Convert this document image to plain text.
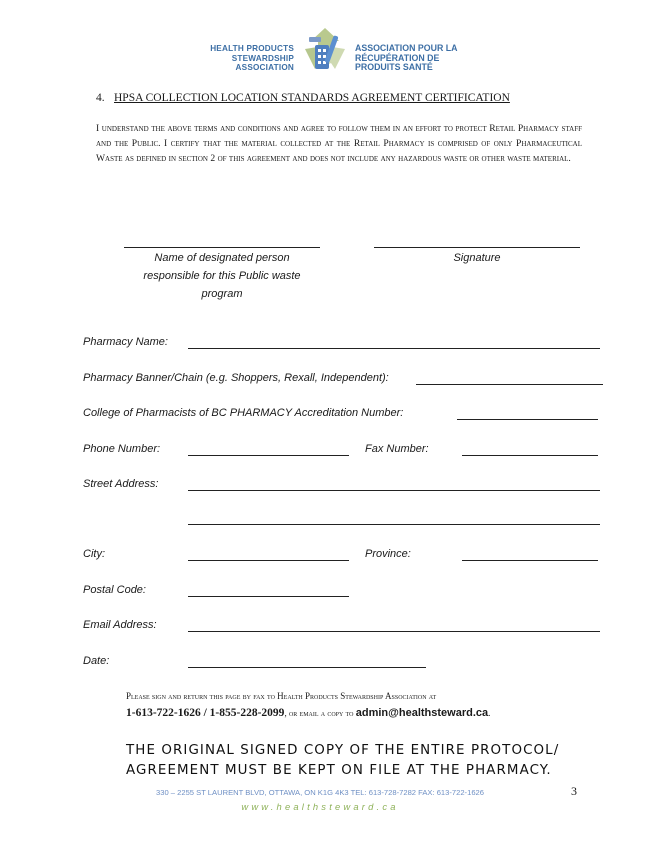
HEALTH PRODUCTS
STEWARDSHIP
ASSOCIATION
ASSOCIATION POUR LA
RÉCUPÉRATION DE
PRODUITS SANTÉ
4. HPSA COLLECTION LOCATION STANDARDS AGREEMENT CERTIFICATION
I understand the above terms and conditions and agree to follow them in an effort to protect Retail Pharmacy staff and the Public. I certify that the material collected at the Retail Pharmacy is comprised of only Pharmaceutical Waste as defined in section 2 of this agreement and does not include any hazardous waste or other waste material.
Name of designated person
responsible for this Public waste
program
Signature
Pharmacy Name:
Pharmacy Banner/Chain (e.g. Shoppers, Rexall, Independent):
College of Pharmacists of BC PHARMACY Accreditation Number:
Phone Number:	Fax Number:
Street Address:
City:	Province:
Postal Code:
Email Address:
Date:
Please sign and return this page by fax to Health Products Stewardship Association at
1-613-722-1626 / 1-855-228-2099, or email a copy to admin@healthsteward.ca.
THE ORIGINAL SIGNED COPY OF THE ENTIRE PROTOCOL/
AGREEMENT MUST BE KEPT ON FILE AT THE PHARMACY.
3
330 – 2255 ST LAURENT BLVD, OTTAWA, ON K1G 4K3 TEL: 613-728-7282 FAX: 613-722-1626
www.healthsteward.ca
